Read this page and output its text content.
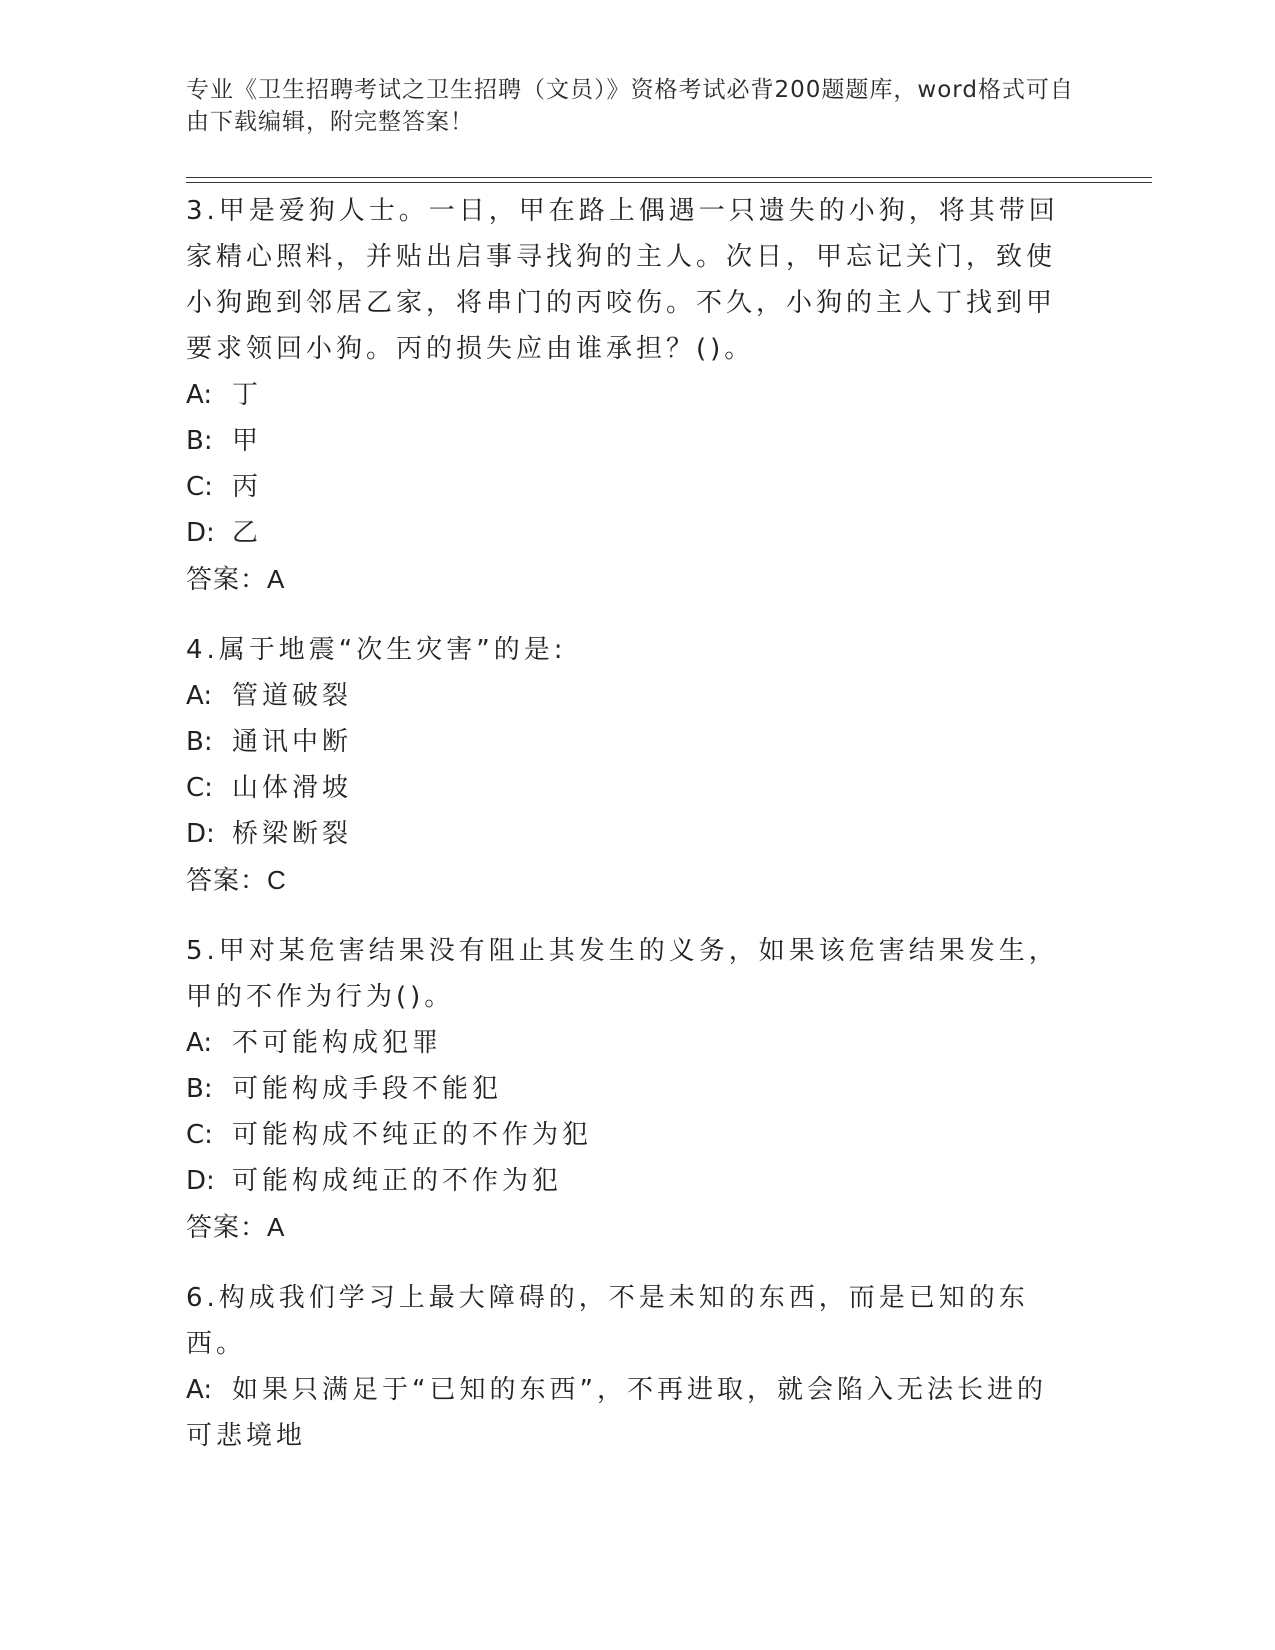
专业《卫生招聘考试之卫生招聘（文员）》资格考试必背200题题库，word格式可自由下载编辑，附完整答案！
3.甲是爱狗人士。一日，甲在路上偶遇一只遗失的小狗，将其带回家精心照料，并贴出启事寻找狗的主人。次日，甲忘记关门，致使小狗跑到邻居乙家，将串门的丙咬伤。不久，小狗的主人丁找到甲要求领回小狗。丙的损失应由谁承担？()。
A: 丁
B: 甲
C: 丙
D: 乙
答案：A
4.属于地震“次生灾害”的是:
A: 管道破裂
B: 通讯中断
C: 山体滑坡
D: 桥梁断裂
答案：C
5.甲对某危害结果没有阻止其发生的义务，如果该危害结果发生，甲的不作为行为()。
A: 不可能构成犯罪
B: 可能构成手段不能犯
C: 可能构成不纯正的不作为犯
D: 可能构成纯正的不作为犯
答案：A
6.构成我们学习上最大障碍的，不是未知的东西，而是已知的东西。
A: 如果只满足于“已知的东西”，不再进取，就会陷入无法长进的可悲境地
